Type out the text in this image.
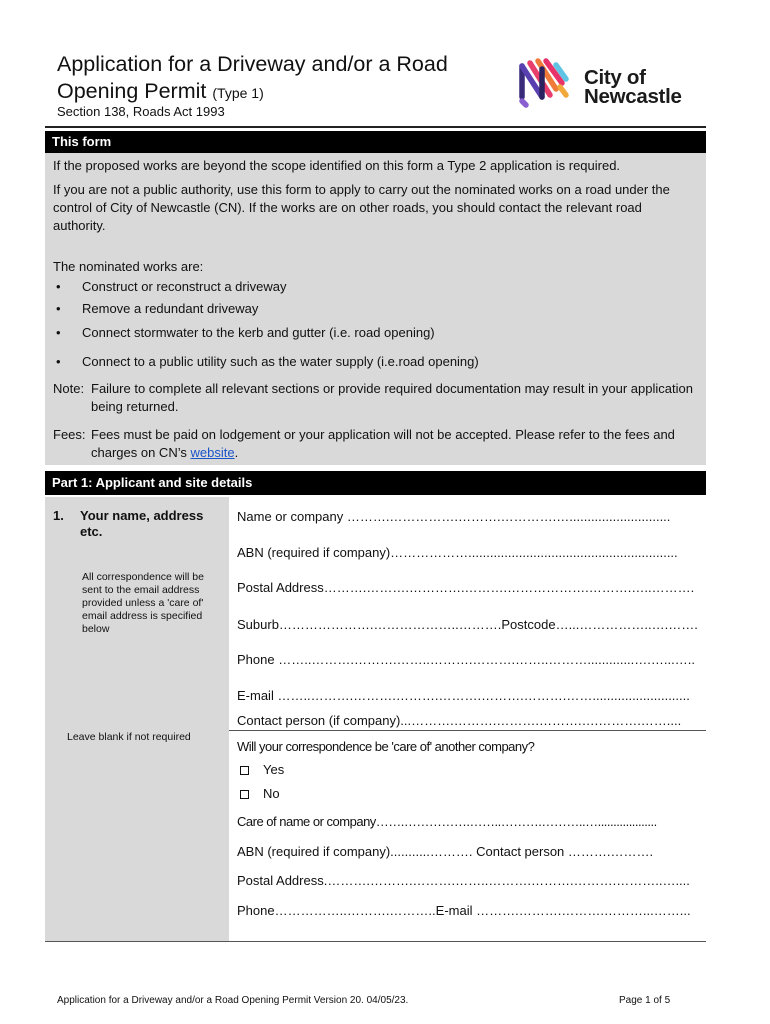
Application for a Driveway and/or a Road
Opening Permit (Type 1)
Section 138, Roads Act 1993
City of
Newcastle
This form
If the proposed works are beyond the scope identified on this form a Type 2 application is required.
If you are not a public authority, use this form to apply to carry out the nominated works on a road under the control of City of Newcastle (CN). If the works are on other roads, you should contact the relevant road authority.
The nominated works are:
• Construct or reconstruct a driveway
• Remove a redundant driveway
• Connect stormwater to the kerb and gutter (i.e. road opening)
• Connect to a public utility such as the water supply (i.e.road opening)
Note: Failure to complete all relevant sections or provide required documentation may result in your application being returned.
Fees: Fees must be paid on lodgement or your application will not be accepted. Please refer to the fees and charges on CN’s website.
Part 1: Applicant and site details
1. Your name, address etc.
All correspondence will be sent to the email address provided unless a 'care of' email address is specified below
Leave blank if not required
Name or company ……….…………….……….………….…............................
ABN (required if company)………………..........................................................
Postal Address……….……….………….……….……………….……….…..……….
Suburb………………….………………..……….Postcode…...……………..….…….
Phone ……..……….……….……..……….……….……..……….............….…...…..
E-mail ……..……….……….……….……….……….……….……...........................
Contact person (if company)...……….……….……….……….….……….……....
Will your correspondence be 'care of' another company?
Yes
No
Care of name or company…….…………….……..……….………..…...................
ABN (required if company)...........………. Contact person ……….……….
Postal Address.……….……….……….……..……….……….……….………..…....
Phone……………..……….………..E-mail ……….……….……….………...……...
Application for a Driveway and/or a Road Opening Permit Version 20. 04/05/23.	Page 1 of 5
